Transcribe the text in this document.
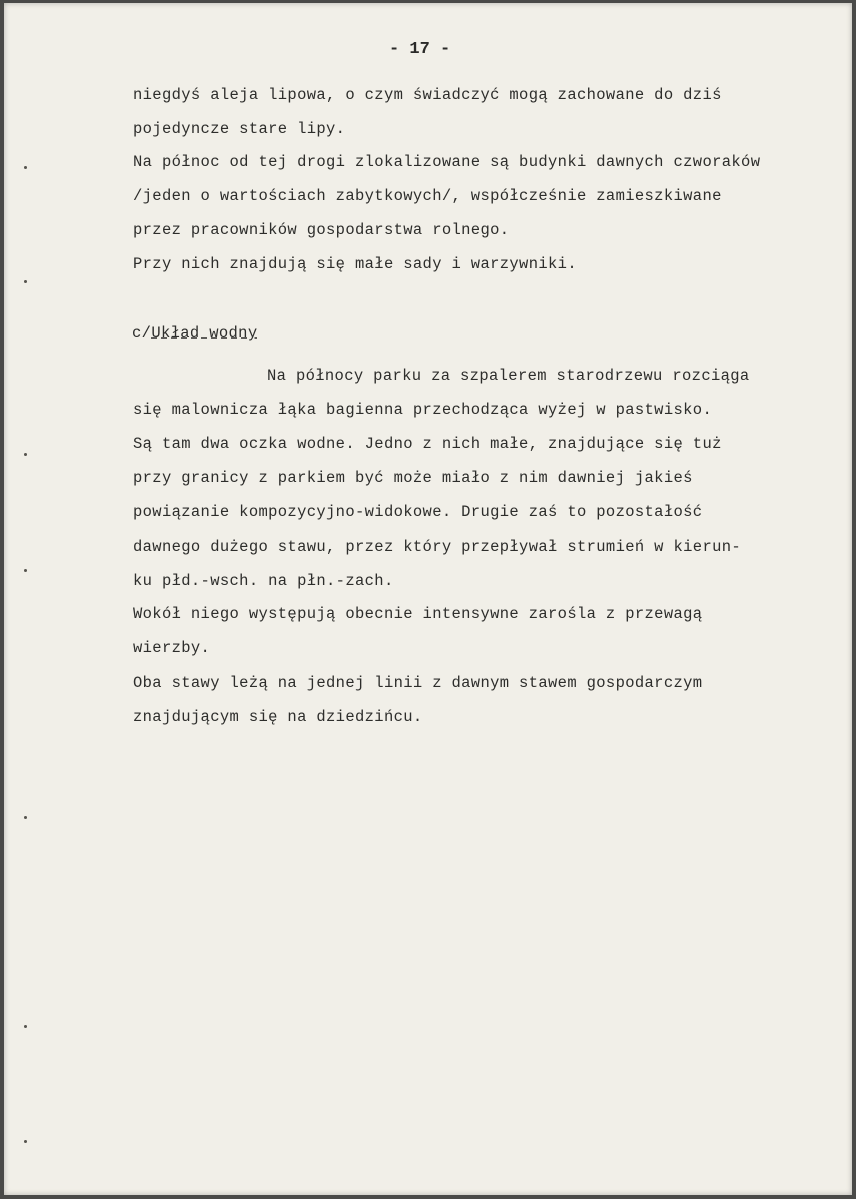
- 17 -
niegdyś aleja lipowa, o czym świadczyć mogą zachowane do dziś
pojedyncze stare lipy.
Na północ od tej drogi zlokalizowane są budynki dawnych czworaków
/jeden o wartościach zabytkowych/, współcześnie zamieszkiwane
przez pracowników gospodarstwa rolnego.
Przy nich znajdują się małe sady i warzywniki.
c/Układ wodny
Na północy parku za szpalerem starodrzewu rozciąga
się malownicza łąka bagienna przechodząca wyżej w pastwisko.
Są tam dwa oczka wodne. Jedno z nich małe, znajdujące się tuż
przy granicy z parkiem być może miało z nim dawniej jakieś
powiązanie kompozycyjno-widokowe. Drugie zaś to pozostałość
dawnego dużego stawu, przez który przepływał strumień w kierun-
ku płd.-wsch. na płn.-zach.
Wokół niego występują obecnie intensywne zarośla z przewagą
wierzby.
Oba stawy leżą na jednej linii z dawnym stawem gospodarczym
znajdującym się na dziedzińcu.
